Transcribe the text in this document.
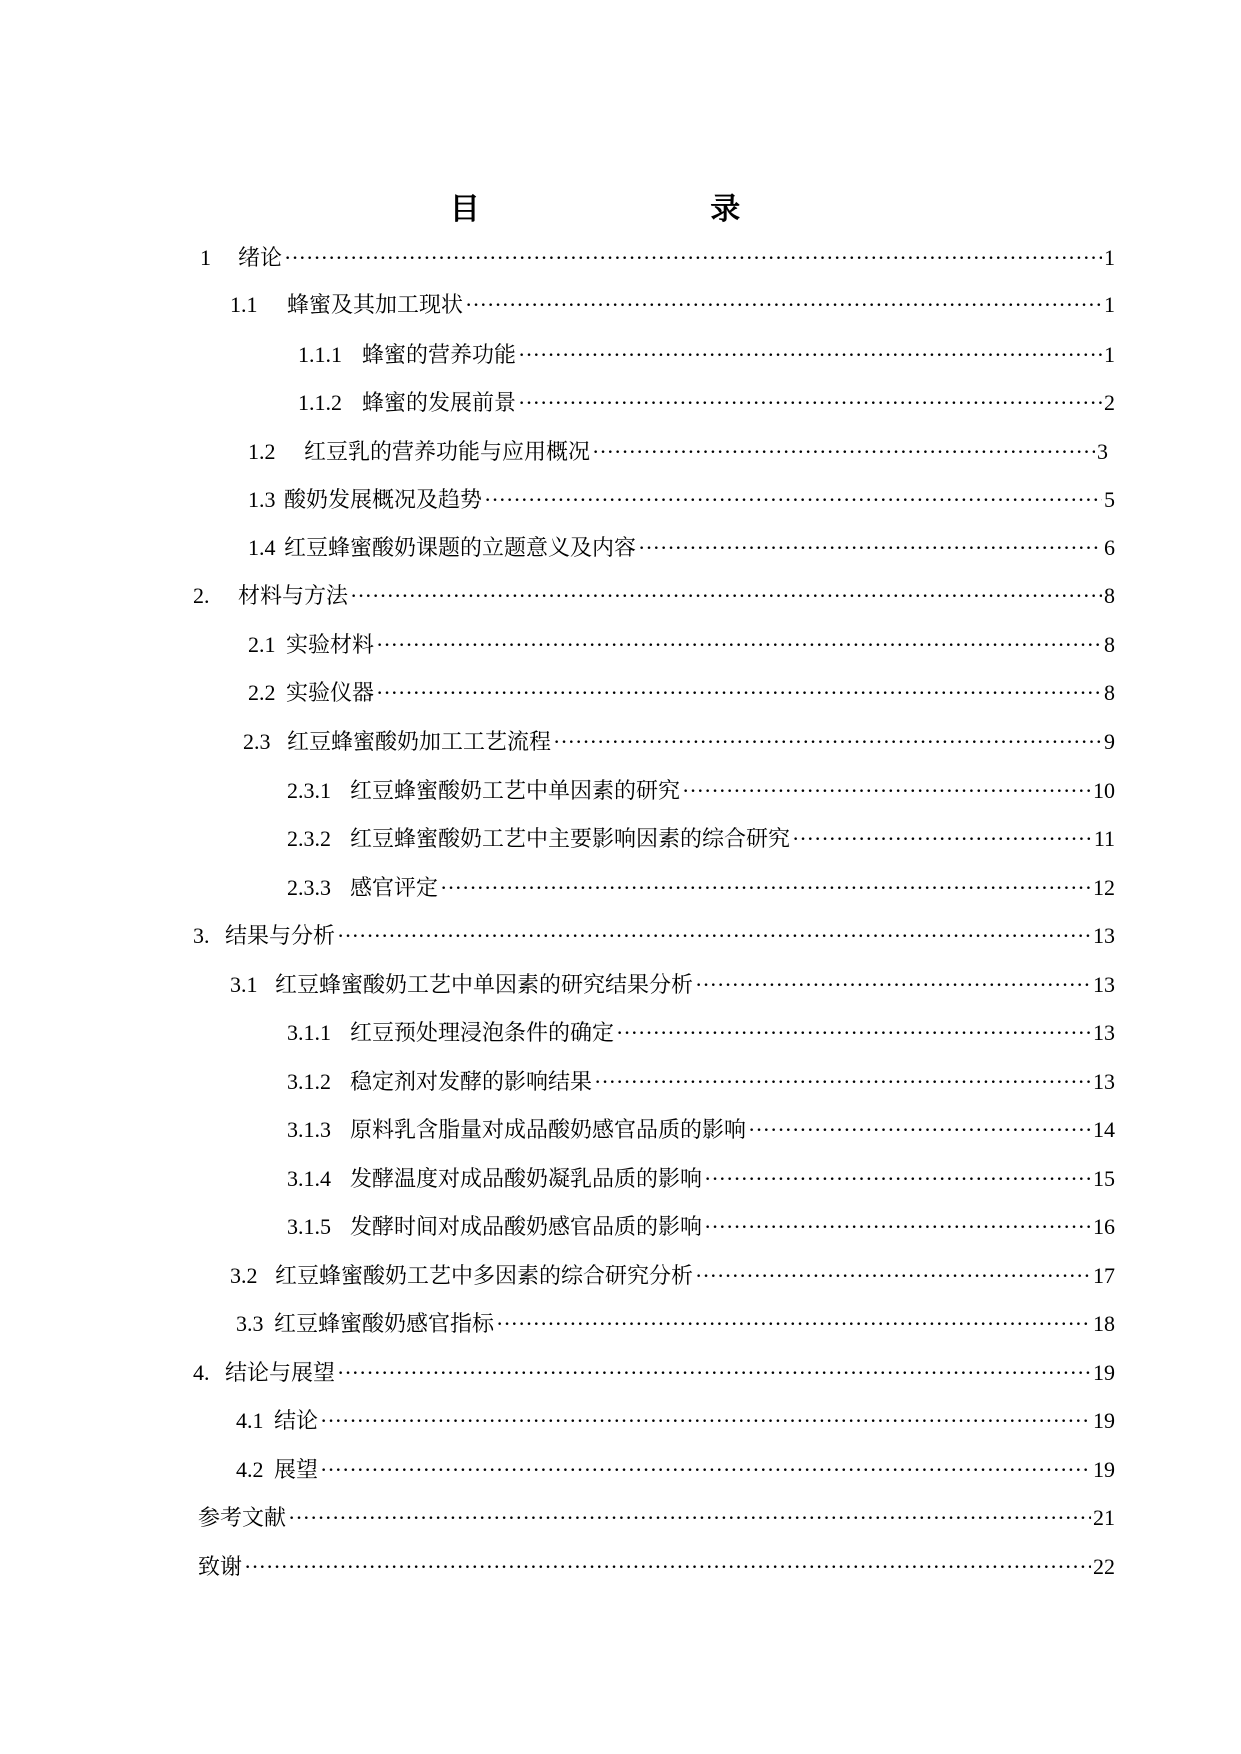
目 录
1	绪论 ·····	1
1.1	蜂蜜及其加工现状 ·····	1
1.1.1 蜂蜜的营养功能 ·····	1
1.1.2 蜂蜜的发展前景 ·····	2
1.2	红豆乳的营养功能与应用概况 ·····	3
1.3 酸奶发展概况及趋势 ·····	5
1.4 红豆蜂蜜酸奶课题的立题意义及内容 ·····	6
2.	材料与方法 ·····	8
2.1 实验材料 ·····	8
2.2 实验仪器 ·····	8
2.3 红豆蜂蜜酸奶加工工艺流程 ·····	9
2.3.1 红豆蜂蜜酸奶工艺中单因素的研究 ·····	10
2.3.2 红豆蜂蜜酸奶工艺中主要影响因素的综合研究 ·····	11
2.3.3 感官评定 ·····	12
3. 结果与分析 ·····	13
3.1 红豆蜂蜜酸奶工艺中单因素的研究结果分析 ·····	13
3.1.1 红豆预处理浸泡条件的确定 ·····	13
3.1.2 稳定剂对发酵的影响结果 ·····	13
3.1.3 原料乳含脂量对成品酸奶感官品质的影响 ·····	14
3.1.4 发酵温度对成品酸奶凝乳品质的影响 ·····	15
3.1.5 发酵时间对成品酸奶感官品质的影响 ·····	16
3.2 红豆蜂蜜酸奶工艺中多因素的综合研究分析 ·····	17
3.3 红豆蜂蜜酸奶感官指标 ·····	18
4. 结论与展望 ·····	19
4.1 结论 ·····	19
4.2 展望 ·····	19
参考文献 ·····	21
致谢 ·····	22
